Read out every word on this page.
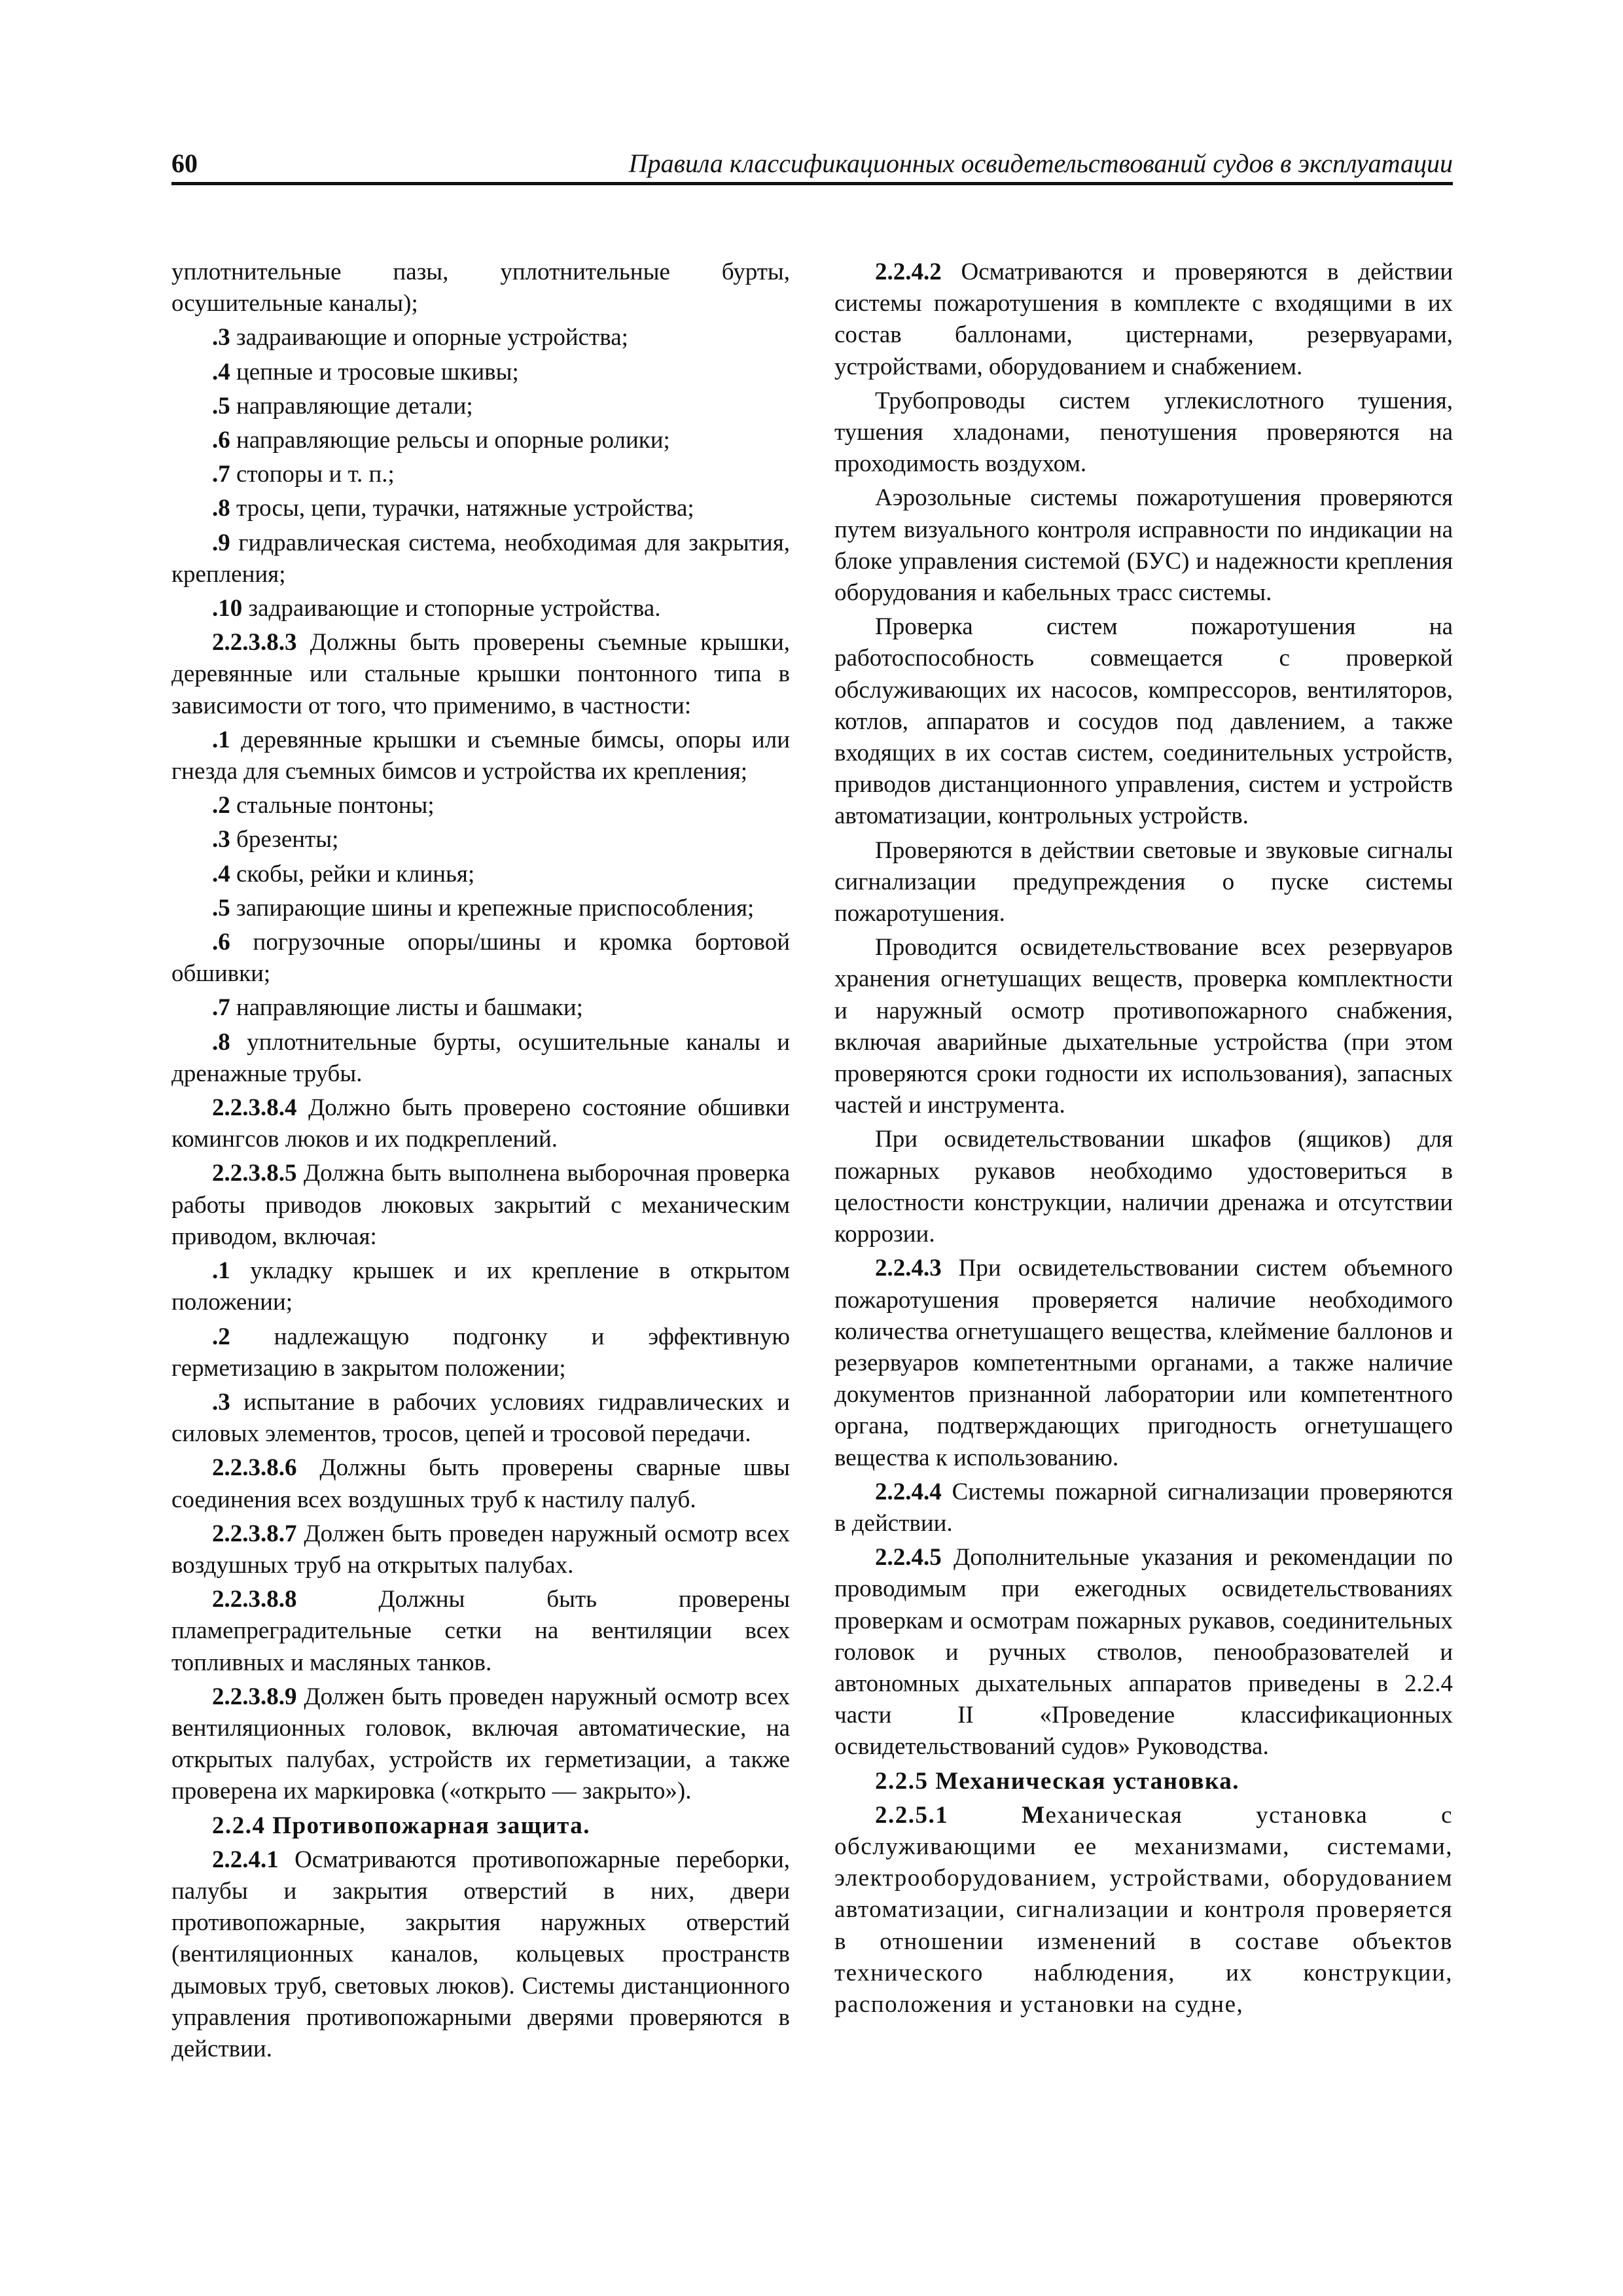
60	Правила классификационных освидетельствований судов в эксплуатации

уплотнительные пазы, уплотнительные бурты, осушительные каналы);

.3 задраивающие и опорные устройства;

.4 цепные и тросовые шкивы;

.5 направляющие детали;

.6 направляющие рельсы и опорные ролики;

.7 стопоры и т. п.;

.8 тросы, цепи, турачки, натяжные устройства;

.9 гидравлическая система, необходимая для закрытия, крепления;

.10 задраивающие и стопорные устройства.

2.2.3.8.3 Должны быть проверены съемные крышки, деревянные или стальные крышки понтонного типа в зависимости от того, что применимо, в частности:

.1 деревянные крышки и съемные бимсы, опоры или гнезда для съемных бимсов и устройства их крепления;

.2 стальные понтоны;

.3 брезенты;

.4 скобы, рейки и клинья;

.5 запирающие шины и крепежные приспособления;

.6 погрузочные опоры/шины и кромка бортовой обшивки;

.7 направляющие листы и башмаки;

.8 уплотнительные бурты, осушительные каналы и дренажные трубы.

2.2.3.8.4 Должно быть проверено состояние обшивки комингсов люков и их подкреплений.

2.2.3.8.5 Должна быть выполнена выборочная проверка работы приводов люковых закрытий с механическим приводом, включая:

.1 укладку крышек и их крепление в открытом положении;

.2 надлежащую подгонку и эффективную герметизацию в закрытом положении;

.3 испытание в рабочих условиях гидравлических и силовых элементов, тросов, цепей и тросовой передачи.

2.2.3.8.6 Должны быть проверены сварные швы соединения всех воздушных труб к настилу палуб.

2.2.3.8.7 Должен быть проведен наружный осмотр всех воздушных труб на открытых палубах.

2.2.3.8.8 Должны быть проверены пламепреградительные сетки на вентиляции всех топливных и масляных танков.

2.2.3.8.9 Должен быть проведен наружный осмотр всех вентиляционных головок, включая автоматические, на открытых палубах, устройств их герметизации, а также проверена их маркировка («открыто — закрыто»).

2.2.4 Противопожарная защита.

2.2.4.1 Осматриваются противопожарные переборки, палубы и закрытия отверстий в них, двери противопожарные, закрытия наружных отверстий (вентиляционных каналов, кольцевых пространств дымовых труб, световых люков). Системы дистанционного управления противопожарными дверями проверяются в действии.

2.2.4.2 Осматриваются и проверяются в действии системы пожаротушения в комплекте с входящими в их состав баллонами, цистернами, резервуарами, устройствами, оборудованием и снабжением.

Трубопроводы систем углекислотного тушения, тушения хладонами, пенотушения проверяются на проходимость воздухом.

Аэрозольные системы пожаротушения проверяются путем визуального контроля исправности по индикации на блоке управления системой (БУС) и надежности крепления оборудования и кабельных трасс системы.

Проверка систем пожаротушения на работоспособность совмещается с проверкой обслуживающих их насосов, компрессоров, вентиляторов, котлов, аппаратов и сосудов под давлением, а также входящих в их состав систем, соединительных устройств, приводов дистанционного управления, систем и устройств автоматизации, контрольных устройств.

Проверяются в действии световые и звуковые сигналы сигнализации предупреждения о пуске системы пожаротушения.

Проводится освидетельствование всех резервуаров хранения огнетушащих веществ, проверка комплектности и наружный осмотр противопожарного снабжения, включая аварийные дыхательные устройства (при этом проверяются сроки годности их использования), запасных частей и инструмента.

При освидетельствовании шкафов (ящиков) для пожарных рукавов необходимо удостовериться в целостности конструкции, наличии дренажа и отсутствии коррозии.

2.2.4.3 При освидетельствовании систем объемного пожаротушения проверяется наличие необходимого количества огнетушащего вещества, клеймение баллонов и резервуаров компетентными органами, а также наличие документов признанной лаборатории или компетентного органа, подтверждающих пригодность огнетушащего вещества к использованию.

2.2.4.4 Системы пожарной сигнализации проверяются в действии.

2.2.4.5 Дополнительные указания и рекомендации по проводимым при ежегодных освидетельствованиях проверкам и осмотрам пожарных рукавов, соединительных головок и ручных стволов, пенообразователей и автономных дыхательных аппаратов приведены в 2.2.4 части II «Проведение классификационных освидетельствований судов» Руководства.

2.2.5 Механическая установка.

2.2.5.1 Механическая установка с обслуживающими ее механизмами, системами, электрооборудованием, устройствами, оборудованием автоматизации, сигнализации и контроля проверяется в отношении изменений в составе объектов технического наблюдения, их конструкции, расположения и установки на судне,
